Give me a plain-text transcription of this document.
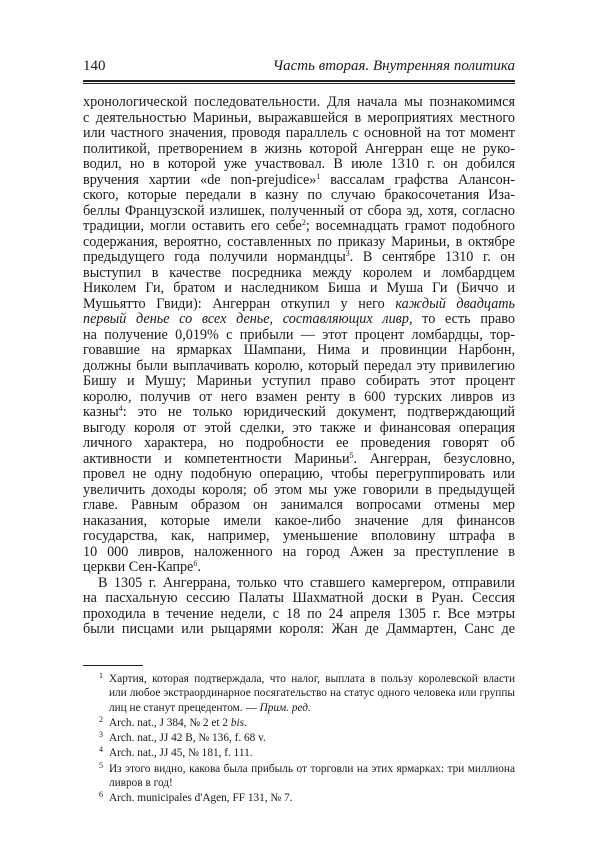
140	Часть вторая. Внутренняя политика
хронологической последовательности. Для начала мы познакомимся
с деятельностью Мариньи, выражавшейся в мероприятиях местного
или частного значения, проводя параллель с основной на тот момент
политикой, претворением в жизнь которой Ангерран еще не руко-
водил, но в которой уже участвовал. В июле 1310 г. он добился
вручения хартии «de non-prejudice»$^1$ вассалам графства Алансон-
ского, которые передали в казну по случаю бракосочетания Иза-
беллы Французской излишек, полученный от сбора эд, хотя, согласно
традиции, могли оставить его себе$^2$; восемнадцать грамот подобного
содержания, вероятно, составленных по приказу Мариньи, в октябре
предыдущего года получили нормандцы$^3$. В сентябре 1310 г. он
выступил в качестве посредника между королем и ломбардцем
Николем Ги, братом и наследником Биша и Муша Ги (Биччо и
Мушьятто Гвиди): Ангерран откупил у него каждый двадцать
первый денье со всех денье, составляющих ливр, то есть право
на получение 0,019% с прибыли — этот процент ломбардцы, тор-
говавшие на ярмарках Шампани, Нима и провинции Нарбонн,
должны были выплачивать королю, который передал эту привилегию
Бишу и Мушу; Мариньи уступил право собирать этот процент
королю, получив от него взамен ренту в 600 турских ливров из
казны$^4$: это не только юридический документ, подтверждающий
выгоду короля от этой сделки, это также и финансовая операция
личного характера, но подробности ее проведения говорят об
активности и компетентности Мариньи$^5$. Ангерран, безусловно,
провел не одну подобную операцию, чтобы перегруппировать или
увеличить доходы короля; об этом мы уже говорили в предыдущей
главе. Равным образом он занимался вопросами отмены мер
наказания, которые имели какое-либо значение для финансов
государства, как, например, уменьшение вполовину штрафа в
10 000 ливров, наложенного на город Ажен за преступление в
церкви Сен-Капре$^6$.
В 1305 г. Ангеррана, только что ставшего камергером, отправили
на пасхальную сессию Палаты Шахматной доски в Руан. Сессия
проходила в течение недели, с 18 по 24 апреля 1305 г. Все мэтры
были писцами или рыцарями короля: Жан де Даммартен, Санс де
1 Хартия, которая подтверждала, что налог, выплата в пользу королевской власти
или любое экстраординарное посягательство на статус одного человека или группы
лиц не станут прецедентом. — Прим. ред.
2 Arch. nat., J 384, № 2 et 2 bis.
3 Arch. nat., JJ 42 B, № 136, f. 68 v.
4 Arch. nat., JJ 45, № 181, f. 111.
5 Из этого видно, какова была прибыль от торговли на этих ярмарках: три миллиона
ливров в год!
6 Arch. municipales d'Agen, FF 131, № 7.
